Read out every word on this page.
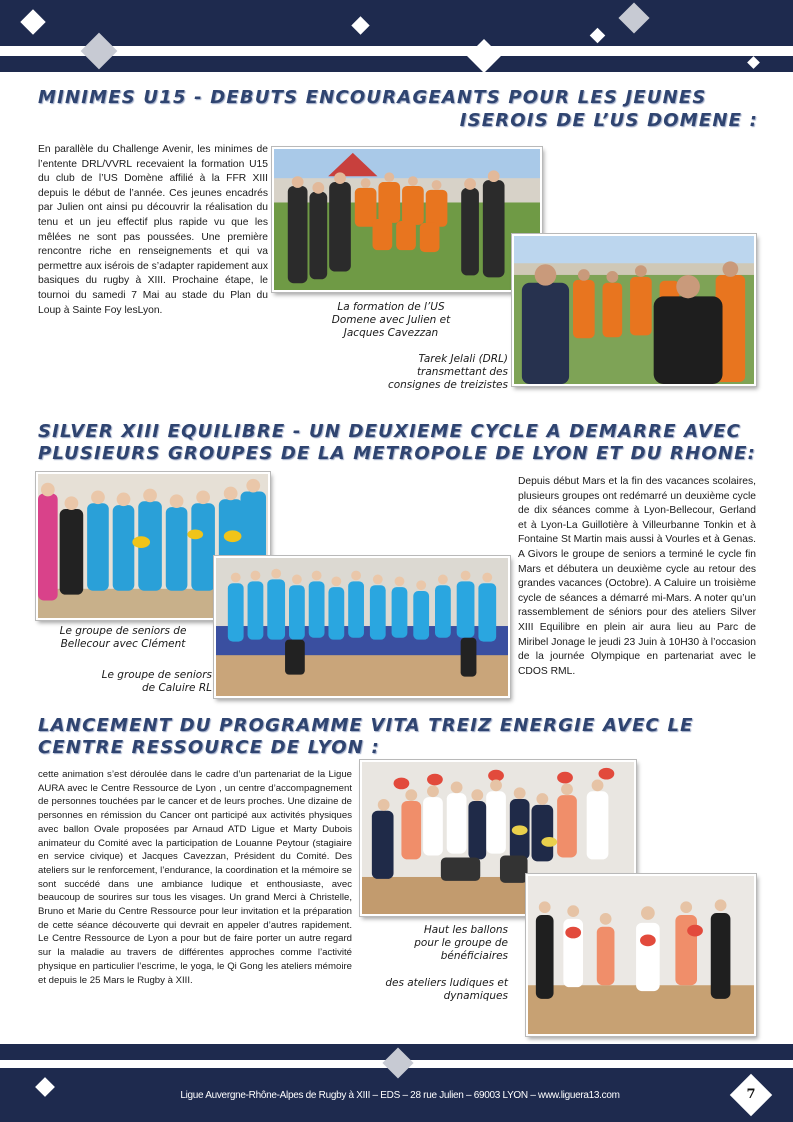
MINIMES U15 - DEBUTS ENCOURAGEANTS POUR LES JEUNES
ISEROIS DE L’US DOMENE :
En parallèle du Challenge Avenir, les minimes de l’entente DRL/VVRL recevaient la formation U15 du club de l’US Domène affilié à la FFR XIII depuis le début de l’année. Ces jeunes encadrés par Julien ont ainsi pu découvrir la réalisation du tenu et un jeu effectif plus rapide vu que les mêlées ne sont pas poussées. Une première rencontre riche en renseignements et qui va permettre aux isérois de s’adapter rapidement aux basiques du rugby à XIII. Prochaine étape, le tournoi du samedi 7 Mai au stade du Plan du Loup à Sainte Foy lesLyon.	La formation de l’US Domene avec Julien et Jacques Cavezzan
Tarek Jelali (DRL) transmettant des consignes de treizistes
SILVER XIII EQUILIBRE - UN DEUXIEME CYCLE A DEMARRE AVEC
PLUSIEURS GROUPES DE LA METROPOLE DE LYON ET DU RHONE:
Depuis début Mars et la fin des vacances scolaires, plusieurs groupes ont redémarré un deuxième cycle de dix séances comme à Lyon-Bellecour, Gerland et à Lyon-La Guillotière à Villeurbanne Tonkin et à Fontaine St Martin mais aussi à Vourles et à Genas. A Givors le groupe de seniors a terminé le cycle fin Mars et débutera un deuxième cycle au retour des grandes vacances (Octobre). A Caluire un troisième cycle de séances a démarré mi-Mars. A noter qu’un rassemblement de séniors pour des ateliers Silver XIII Equilibre en plein air aura lieu au Parc de Miribel Jonage le jeudi 23 Juin à 10H30 à l’occasion de la journée Olympique en partenariat avec le CDOS RML.
Le groupe de seniors de Bellecour avec Clément
Le groupe de seniors de Caluire RL
LANCEMENT DU PROGRAMME VITA TREIZ ENERGIE AVEC LE
CENTRE RESSOURCE DE LYON :
cette animation s’est déroulée dans le cadre d’un partenariat de la Ligue AURA avec le Centre Ressource de Lyon , un centre d’accompagnement de personnes touchées par le cancer et de leurs proches. Une dizaine de personnes en rémission du Cancer ont participé aux activités physiques avec ballon Ovale proposées par Arnaud ATD Ligue et Marty Dubois animateur du Comité avec la participation de Louanne Peytour (stagiaire en service civique) et Jacques Cavezzan, Président du Comité. Des ateliers sur le renforcement, l’endurance, la coordination et la mémoire se sont succédé dans une ambiance ludique et enthousiaste, avec beaucoup de sourires sur tous les visages. Un grand Merci à Christelle, Bruno et Marie du Centre Ressource pour leur invitation et la préparation de cette séance découverte qui devrait en appeler d’autres rapidement. Le Centre Ressource de Lyon a pour but de faire porter un autre regard sur la maladie au travers de différentes approches comme l’activité physique en particulier l’escrime, le yoga, le Qi Gong les ateliers mémoire et depuis le 25 Mars le Rugby à XIII.
Haut les ballons pour le groupe de bénéficiaires
des ateliers ludiques et dynamiques
Ligue Auvergne-Rhône-Alpes de Rugby à XIII – EDS – 28 rue Julien – 69003 LYON – www.liguera13.com	7
